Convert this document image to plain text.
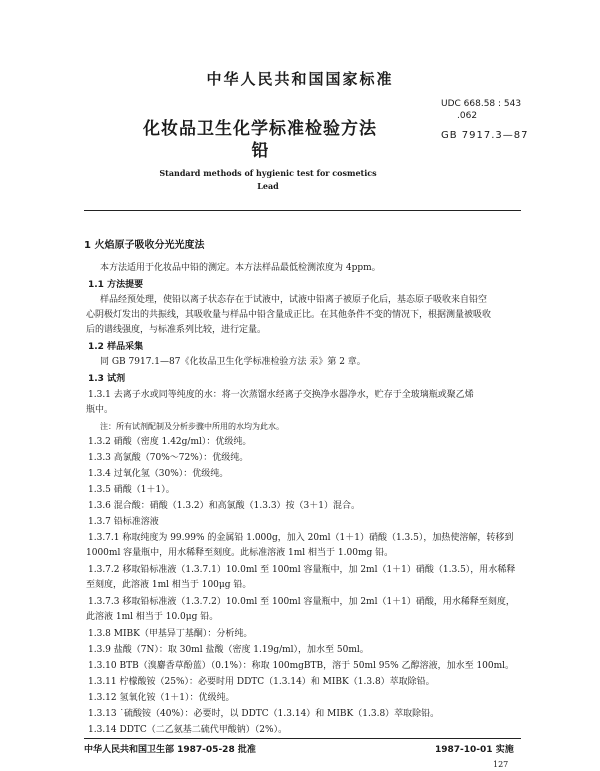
中华人民共和国国家标准
UDC 668.58 : 543
.062
GB 7917.3—87
化妆品卫生化学标准检验方法
铅
Standard methods of hygienic test for cosmetics
Lead
1 火焰原子吸收分光光度法
本方法适用于化妆品中铅的测定。本方法样品最低检测浓度为 4ppm。
1.1 方法提要
样品经预处理，使铅以离子状态存在于试液中，试液中铅离子被原子化后，基态原子吸收来自铅空
心阴极灯发出的共振线，其吸收量与样品中铅含量成正比。在其他条件不变的情况下，根据测量被吸收
后的谱线强度，与标准系列比较，进行定量。
1.2 样品采集
同 GB 7917.1—87《化妆品卫生化学标准检验方法 汞》第 2 章。
1.3 试剂
1.3.1 去离子水或同等纯度的水：将一次蒸馏水经离子交换净水器净水，贮存于全玻璃瓶或聚乙烯
瓶中。
注：所有试剂配制及分析步骤中所用的水均为此水。
1.3.2 硝酸（密度 1.42g/ml）：优级纯。
1.3.3 高氯酸（70%～72%）：优级纯。
1.3.4 过氧化氢（30%）：优级纯。
1.3.5 硝酸（1＋1）。
1.3.6 混合酸：硝酸（1.3.2）和高氯酸（1.3.3）按（3＋1）混合。
1.3.7 铅标准溶液
1.3.7.1 称取纯度为 99.99% 的金属铅 1.000g，加入 20ml（1＋1）硝酸（1.3.5），加热使溶解，转移到
1000ml 容量瓶中，用水稀释至刻度。此标准溶液 1ml 相当于 1.00mg 铅。
1.3.7.2 移取铅标准液（1.3.7.1）10.0ml 至 100ml 容量瓶中，加 2ml（1＋1）硝酸（1.3.5），用水稀释
至刻度，此溶液 1ml 相当于 100μg 铅。
1.3.7.3 移取铅标准液（1.3.7.2）10.0ml 至 100ml 容量瓶中，加 2ml（1＋1）硝酸，用水稀释至刻度，
此溶液 1ml 相当于 10.0μg 铅。
1.3.8 MIBK（甲基异丁基酮）：分析纯。
1.3.9 盐酸（7N）：取 30ml 盐酸（密度 1.19g/ml），加水至 50ml。
1.3.10 BTB（溴麝香草酚蓝）（0.1%）：称取 100mgBTB，溶于 50ml 95% 乙醇溶液，加水至 100ml。
1.3.11 柠檬酸铵（25%）：必要时用 DDTC（1.3.14）和 MIBK（1.3.8）萃取除铅。
1.3.12 氢氧化铵（1＋1）：优级纯。
1.3.13 ˙硫酸铵（40%）：必要时，以 DDTC（1.3.14）和 MIBK（1.3.8）萃取除铅。
1.3.14 DDTC（二乙氨基二硫代甲酸钠）（2%）。
中华人民共和国卫生部 1987-05-28 批准	1987-10-01 实施
127
